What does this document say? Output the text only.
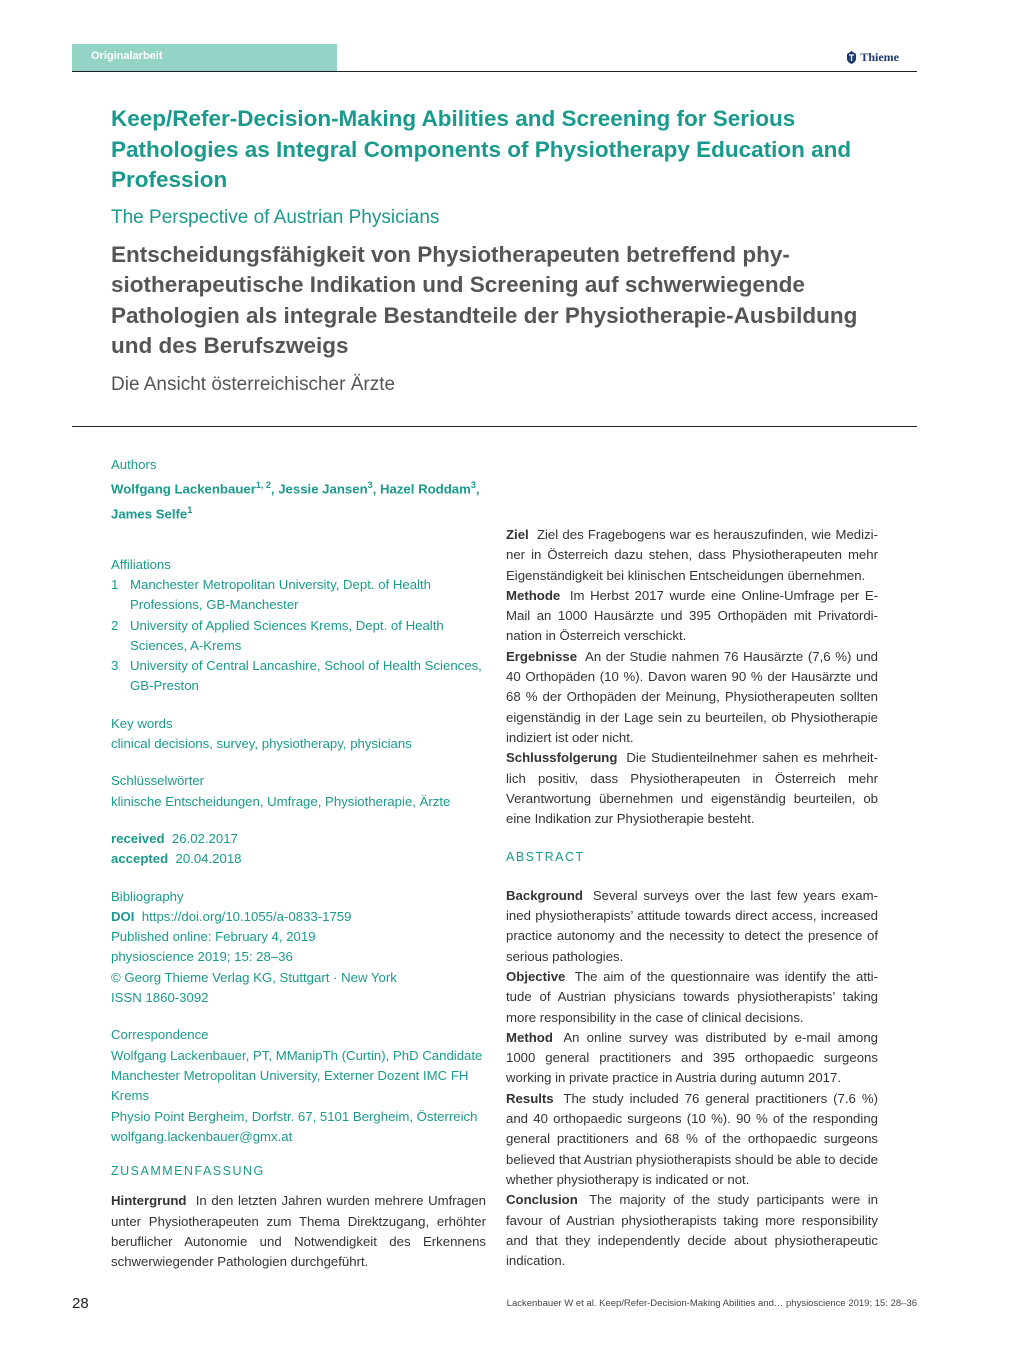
Originalarbeit	Thieme
Keep/Refer-Decision-Making Abilities and Screening for Serious Pathologies as Integral Components of Physiotherapy Education and Profession
The Perspective of Austrian Physicians
Entscheidungsfähigkeit von Physiotherapeuten betreffend physiotherapeutische Indikation und Screening auf schwerwiegende Pathologien als integrale Bestandteile der Physiotherapie-Ausbildung und des Berufszweigs
Die Ansicht österreichischer Ärzte
Authors
Wolfgang Lackenbauer$^{1, 2}$, Jessie Jansen$^3$, Hazel Roddam$^3$, James Selfe$^1$
Affiliations
1 Manchester Metropolitan University, Dept. of Health Professions, GB-Manchester
2 University of Applied Sciences Krems, Dept. of Health Sciences, A-Krems
3 University of Central Lancashire, School of Health Sciences, GB-Preston
Key words
clinical decisions, survey, physiotherapy, physicians
Schlüsselwörter
klinische Entscheidungen, Umfrage, Physiotherapie, Ärzte
received 26.02.2017
accepted 20.04.2018
Bibliography
DOI https://doi.org/10.1055/a-0833-1759
Published online: February 4, 2019
physioscience 2019; 15: 28–36
© Georg Thieme Verlag KG, Stuttgart · New York
ISSN 1860-3092
Correspondence
Wolfgang Lackenbauer, PT, MManipTh (Curtin), PhD Candidate Manchester Metropolitan University, Externer Dozent IMC FH Krems
Physio Point Bergheim, Dorfstr. 67, 5101 Bergheim, Österreich
wolfgang.lackenbauer@gmx.at
ZUSAMMENFASSUNG
Hintergrund In den letzten Jahren wurden mehrere Umfragen unter Physiotherapeuten zum Thema Direktzugang, erhöhter beruflicher Autonomie und Notwendigkeit des Erkennens schwerwiegender Pathologien durchgeführt.
Ziel Ziel des Fragebogens war es herauszufinden, wie Mediziner in Österreich dazu stehen, dass Physiotherapeuten mehr Eigenständigkeit bei klinischen Entscheidungen übernehmen.
Methode Im Herbst 2017 wurde eine Online-Umfrage per E-Mail an 1000 Hausärzte und 395 Orthopäden mit Privatordination in Österreich verschickt.
Ergebnisse An der Studie nahmen 76 Hausärzte (7,6 %) und 40 Orthopäden (10 %). Davon waren 90 % der Hausärzte und 68 % der Orthopäden der Meinung, Physiotherapeuten sollten eigenständig in der Lage sein zu beurteilen, ob Physiotherapie indiziert ist oder nicht.
Schlussfolgerung Die Studienteilnehmer sahen es mehrheitlich positiv, dass Physiotherapeuten in Österreich mehr Verantwortung übernehmen und eigenständig beurteilen, ob eine Indikation zur Physiotherapie besteht.
ABSTRACT
Background Several surveys over the last few years examined physiotherapists’ attitude towards direct access, increased practice autonomy and the necessity to detect the presence of serious pathologies.
Objective The aim of the questionnaire was identify the attitude of Austrian physicians towards physiotherapists’ taking more responsibility in the case of clinical decisions.
Method An online survey was distributed by e-mail among 1000 general practitioners and 395 orthopaedic surgeons working in private practice in Austria during autumn 2017.
Results The study included 76 general practitioners (7.6 %) and 40 orthopaedic surgeons (10 %). 90 % of the responding general practitioners and 68 % of the orthopaedic surgeons believed that Austrian physiotherapists should be able to decide whether physiotherapy is indicated or not.
Conclusion The majority of the study participants were in favour of Austrian physiotherapists taking more responsibility and that they independently decide about physiotherapeutic indication.
28	Lackenbauer W et al. Keep/Refer-Decision-Making Abilities and… physioscience 2019; 15: 28–36
